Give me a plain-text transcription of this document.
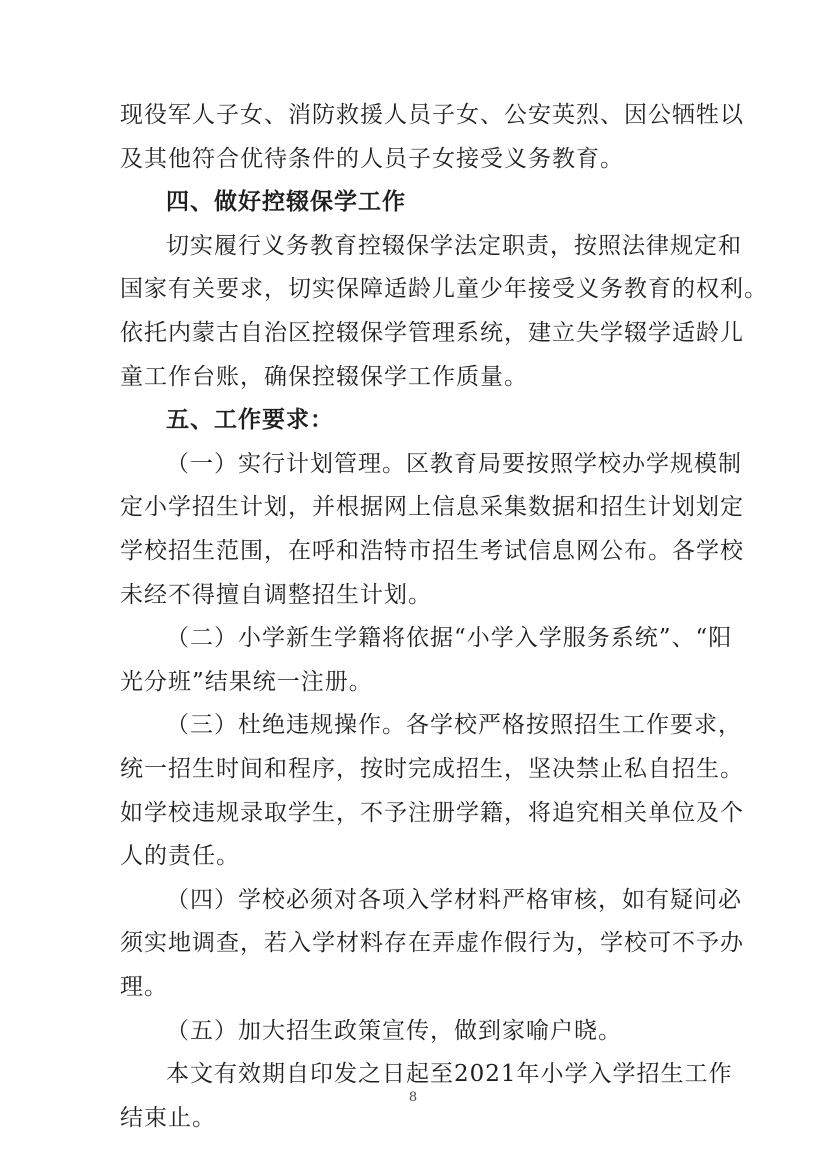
现役军人子女、消防救援人员子女、公安英烈、因公牺牲以
及其他符合优待条件的人员子女接受义务教育。
四、做好控辍保学工作
切实履行义务教育控辍保学法定职责，按照法律规定和
国家有关要求，切实保障适龄儿童少年接受义务教育的权利。
依托内蒙古自治区控辍保学管理系统，建立失学辍学适龄儿
童工作台账，确保控辍保学工作质量。
五、工作要求：
（一）实行计划管理。区教育局要按照学校办学规模制
定小学招生计划，并根据网上信息采集数据和招生计划划定
学校招生范围，在呼和浩特市招生考试信息网公布。各学校
未经不得擅自调整招生计划。
（二）小学新生学籍将依据“小学入学服务系统”、“阳
光分班”结果统一注册。
（三）杜绝违规操作。各学校严格按照招生工作要求，
统一招生时间和程序，按时完成招生，坚决禁止私自招生。
如学校违规录取学生，不予注册学籍，将追究相关单位及个
人的责任。
（四）学校必须对各项入学材料严格审核，如有疑问必
须实地调查，若入学材料存在弄虚作假行为，学校可不予办
理。
（五）加大招生政策宣传，做到家喻户晓。
本文有效期自印发之日起至2021年小学入学招生工作
结束止。
8
